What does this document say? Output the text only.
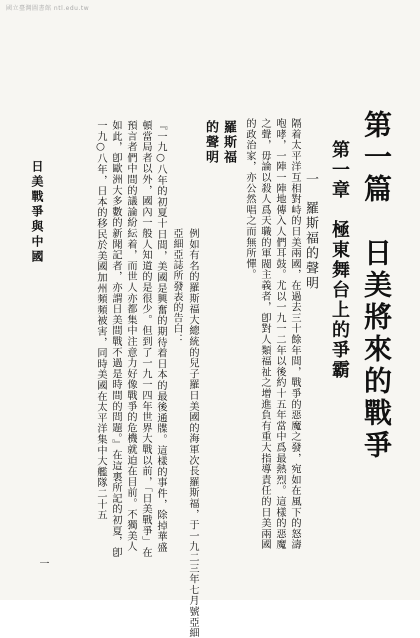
國立臺灣圖書館 ntl.edu.tw
第一篇　日美將來的戰爭
第一章　極東舞台上的爭霸
一羅斯福的聲明
隔着太平洋互相對峙的日美兩國，在過去三十餘年間，戰爭的惡魔之發，宛如在風下的怒濤咆哮，一陣一陣地傳入人們耳鼓。尤以一九一二年以後約十五年當中爲最熱烈。這樣的惡魔之聲，毋論以殺人爲天職的軍閥主義者，卽對人類福祉之增進負有重大指導責任的日美兩國的政治家，亦公然唱之而無所憚。
羅斯福
的聲明
例如有名的羅斯福大總統的兒子羅日美國的海軍次長羅斯福，于一九二三年七月號亞細
亞細亞誌所發表的告白：
『一九○八年的初夏十日間，美國是興奮的期待着日本的最後通牒。這樣的事件，除掉華盛頓當局者以外，國內一般人知道的是很少。但到了一九一四年世界大戰以前，「日美戰爭」在預言者們中間的議論紛紜着，而世人亦都集中注意力好像戰爭的危機就迫在目前。不獨美人如此，卽歐洲大多數的新聞記者，亦謂日美間戰不過是時間的問題。』在這裏所記的初夏，卽一九○八年，日本的移民於美國加州頻頻被害，同時美國在太平洋集中大艦隊二十五
日美戰爭與中國
一
